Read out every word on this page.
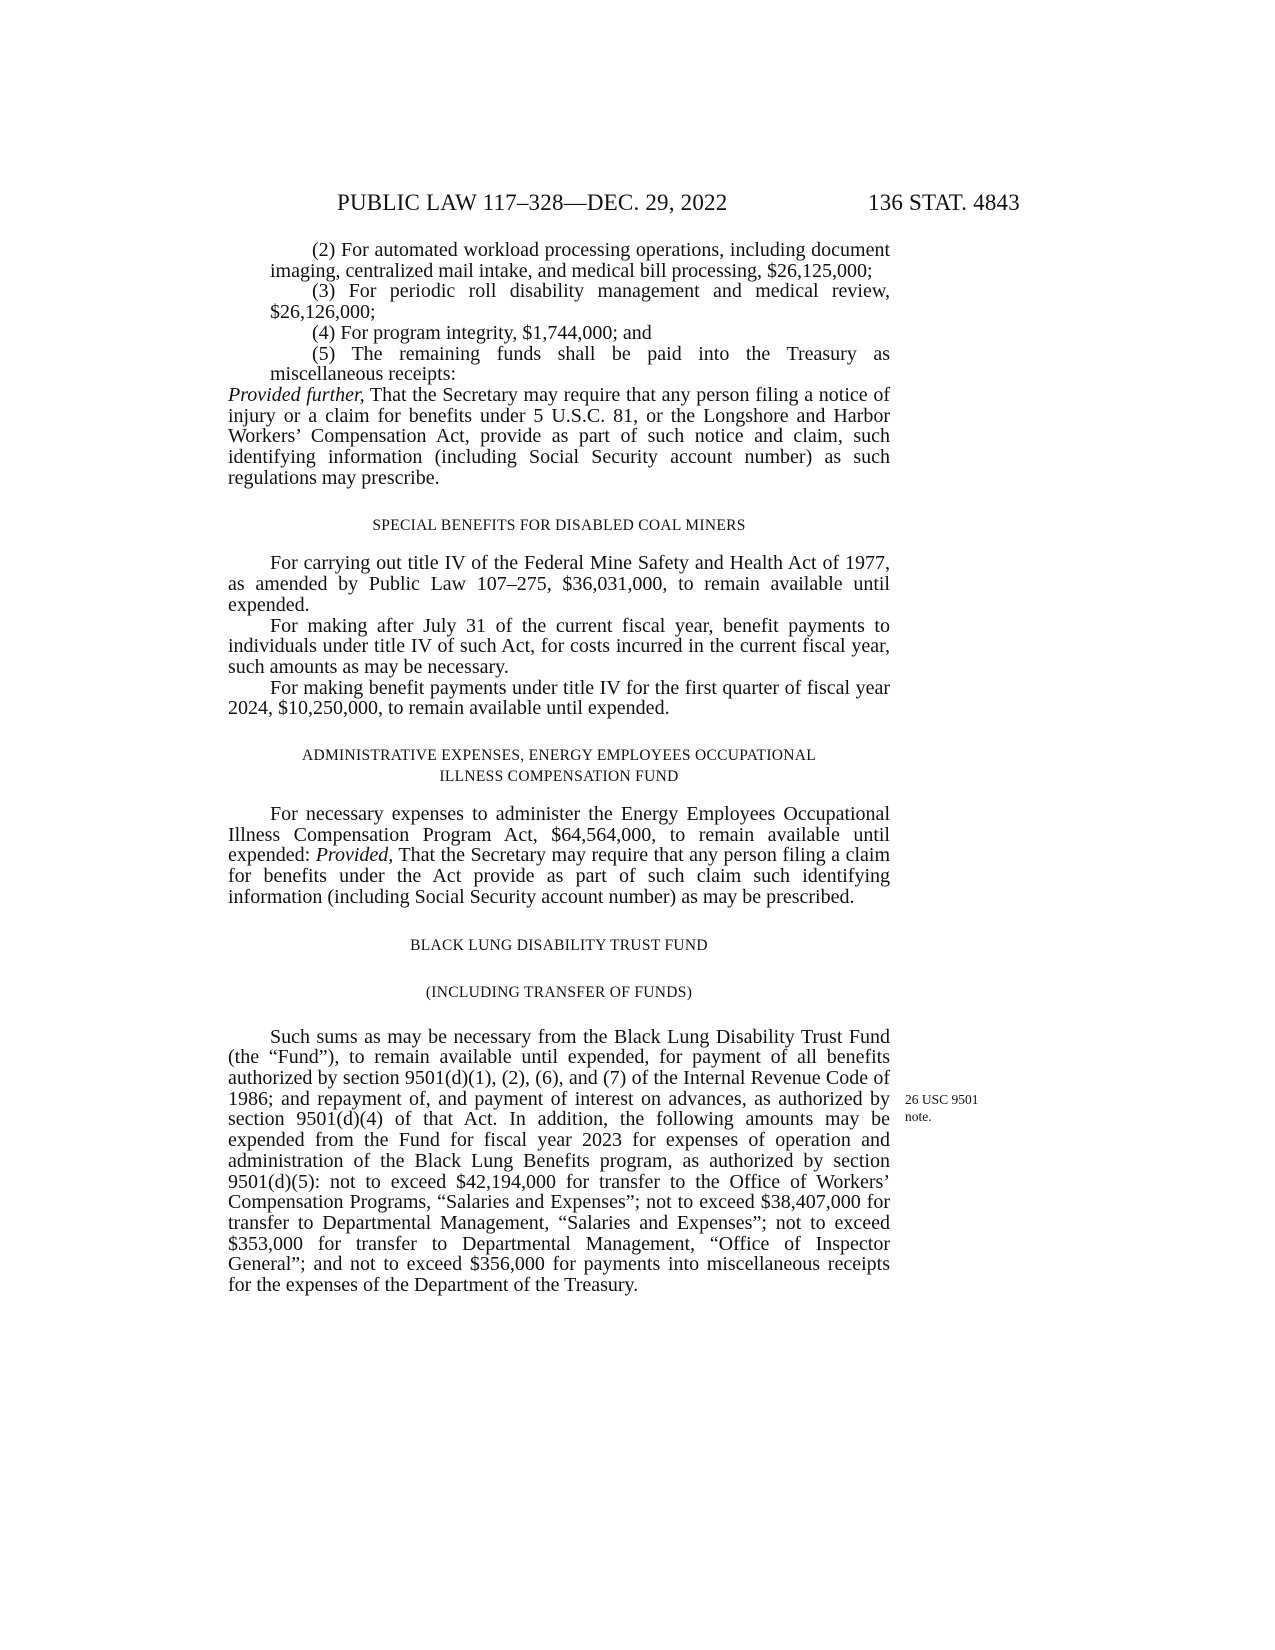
PUBLIC LAW 117–328—DEC. 29, 2022	136 STAT. 4843

(2) For automated workload processing operations, including document imaging, centralized mail intake, and medical bill processing, $26,125,000;

(3) For periodic roll disability management and medical review, $26,126,000;

(4) For program integrity, $1,744,000; and

(5) The remaining funds shall be paid into the Treasury as miscellaneous receipts:

Provided further, That the Secretary may require that any person filing a notice of injury or a claim for benefits under 5 U.S.C. 81, or the Longshore and Harbor Workers’ Compensation Act, provide as part of such notice and claim, such identifying information (including Social Security account number) as such regulations may prescribe.

SPECIAL BENEFITS FOR DISABLED COAL MINERS

For carrying out title IV of the Federal Mine Safety and Health Act of 1977, as amended by Public Law 107–275, $36,031,000, to remain available until expended.

For making after July 31 of the current fiscal year, benefit payments to individuals under title IV of such Act, for costs incurred in the current fiscal year, such amounts as may be necessary.

For making benefit payments under title IV for the first quarter of fiscal year 2024, $10,250,000, to remain available until expended.

ADMINISTRATIVE EXPENSES, ENERGY EMPLOYEES OCCUPATIONAL

ILLNESS COMPENSATION FUND

For necessary expenses to administer the Energy Employees Occupational Illness Compensation Program Act, $64,564,000, to remain available until expended: Provided, That the Secretary may require that any person filing a claim for benefits under the Act provide as part of such claim such identifying information (including Social Security account number) as may be prescribed.

BLACK LUNG DISABILITY TRUST FUND

(INCLUDING TRANSFER OF FUNDS)

Such sums as may be necessary from the Black Lung Disability Trust Fund (the “Fund”), to remain available until expended, for payment of all benefits authorized by section 9501(d)(1), (2), (6), and (7) of the Internal Revenue Code of 1986; and repayment of, and payment of interest on advances, as authorized by section 9501(d)(4) of that Act. In addition, the following amounts may be expended from the Fund for fiscal year 2023 for expenses of operation and administration of the Black Lung Benefits program, as authorized by section 9501(d)(5): not to exceed $42,194,000 for transfer to the Office of Workers’ Compensation Programs, “Salaries and Expenses”; not to exceed $38,407,000 for transfer to Departmental Management, “Salaries and Expenses”; not to exceed $353,000 for transfer to Departmental Management, “Office of Inspector General”; and not to exceed $356,000 for payments into miscellaneous receipts for the expenses of the Department of the Treasury.

26 USC 9501
note.
